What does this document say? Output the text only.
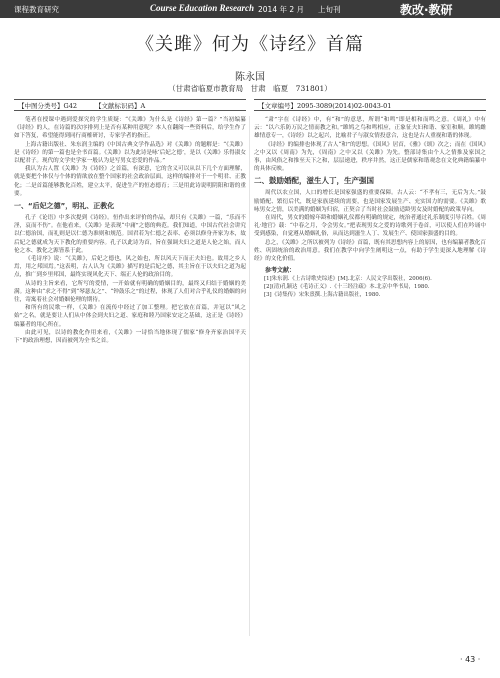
课程教育研究	Course Education Research 2014 年 2 月 上旬刊	教改·教研
《关雎》何为《诗经》首篇
陈永国
（甘肃省临夏市教育局　甘肃　临夏　731801）
【中图分类号】G42	【文献标识码】A	【文章编号】2095-3089(2014)02-0043-01

笔者在授课中遇到爱探究的学生质疑：“《关雎》为什么是《诗经》第一篇？”当初编纂《诗经》的人，在诗篇的次序排列上是否有某种用意呢？本人在翻阅一些资料后，给学生作了如下答复，希望能得到同行商榷研讨，专家学者的指正。

上海古籍出版社、朱东润主编的《中国古典文学作品选》对《关雎》的题解是：“《关雎》是《诗经》的第一篇也是全书首篇。《关雎》以为此诗是咏‘后妃之德’，是以《关雎》乐得淑女以配君子。现代的文学史学家一般认为是写男女恋爱的作品。”

我认为古人置《关雎》为《诗经》之首篇，有深意，它的含义可以从以下几个方面理解，就是要把个体仅与个体的情欲放在整个国家的社会政治层面，这样的编排对于一个明君、正教化；二是首篇能够教化百姓，建立太平，促进生产的恒态德育；三是用此诗说明阴阳和谐的重要。

一、“后妃之德”，明礼、正教化

孔子《论语》中多次提到《诗经》。恒作出来评价的作品，却只有《关雎》一篇，“乐而不淫，哀而不伤”。在他看来，《关雎》是表现“中庸”之德的典范。我们知道，中国古代社会讲究以仁德治国，而礼则是以仁德为准则和规范。国君若为仁德之表率、必须以修身齐家为本，故后妃之德就成为天下教化的重要内容。孔子以此诗为首，旨在强调夫妇之道是人伦之始，而人伦之本、教化之源皆系于此。

《毛诗序》说：“《关雎》，后妃之德也，风之始也，所以风天下而正夫妇也。故用之乡人焉，用之邦国焉。”这表明，古人认为《关雎》描写的是后妃之德，其主旨在于以夫妇之道为起点，推广到乡里邦国，最终实现风化天下、端正人伦的政治目的。

从诗的主旨来看，它所写的爱情，一开始就有明确的婚姻目的，最终又归结于婚姻的美满。这种由“求之不得”到“琴瑟友之”、“钟鼓乐之”的过程，体现了人们对合乎礼仪的婚姻的向往，寄寓着社会对婚姻伦理的期待。

和所有的民歌一样，《关雎》在流传中经过了加工整理。把它放在首篇，并冠以“风之始”之名，就是要让人们从中体会到夫妇之道、家庭和睦乃国家安定之基础，这正是《诗经》编纂者的用心所在。

由此可见，以诗的教化作用来看，《关雎》一诗恰当地体现了儒家“修身齐家治国平天下”的政治理想，因而被列为全书之首。

“肃”字在《诗经》中，有“和”的意思，所谓“和鸣”即是相和而鸣之意。《周礼》中有云：“以六乐防万民之情而教之和。”雎鸠之鸟和鸣相应，正象征夫妇和谐、家室和顺。雎鸠雌雄情意专一，《诗经》以之起兴，比喻君子与淑女情投意合，这也是古人重视和谐的体现。

《诗经》的编排也体现了古人“和”的思想。《国风》居首，《雅》《颂》次之；而在《国风》之中又以《周南》为先，《周南》之中又以《关雎》为先。整部诗集由个人之情推及家国之事，由风俗之和推至天下之和，层层递进，秩序井然，这正是儒家和谐观念在文化典籍编纂中的具体反映。

二、鼓励婚配，滋生人丁，生产强国

周代以农立国，人口的增长是国家强盛的重要保障。古人云：“不孝有三，无后为大。”鼓励婚配、繁衍后代，既是家族延续的需要，也是国家发展生产、充实国力的需要。《关雎》歌咏男女之情，以美满的婚姻为归宿，正契合了当时社会鼓励适龄男女及时婚配的政策导向。

在周代，男女的婚嫁年龄和婚姻礼仪都有明确的规定，统治者通过礼乐制度引导百姓。《周礼·地官》载：“中春之月，令会男女。”把表现男女之爱的诗歌列于卷首，可以使人们在吟诵中受到感染，自觉遵从婚姻礼俗，从而达到滋生人丁、发展生产、使国家强盛的目的。

总之，《关雎》之所以被列为《诗经》首篇，既有其思想内容上的原因，也有编纂者教化百姓、巩固统治的政治用意。我们在教学中向学生阐明这一点，有助于学生更深入地理解《诗经》的文化价值。

参考文献：

[1]朱东润.《上古诗歌史综述》[M].北京：人民文学出版社，2006(6).

[2](清)孔颖达《毛诗正义》.《十三经注疏》本.北京中华书局，1980.

[3]《诗集传》宋朱熹撰.上海古籍出版社，1980.

· 43 ·
